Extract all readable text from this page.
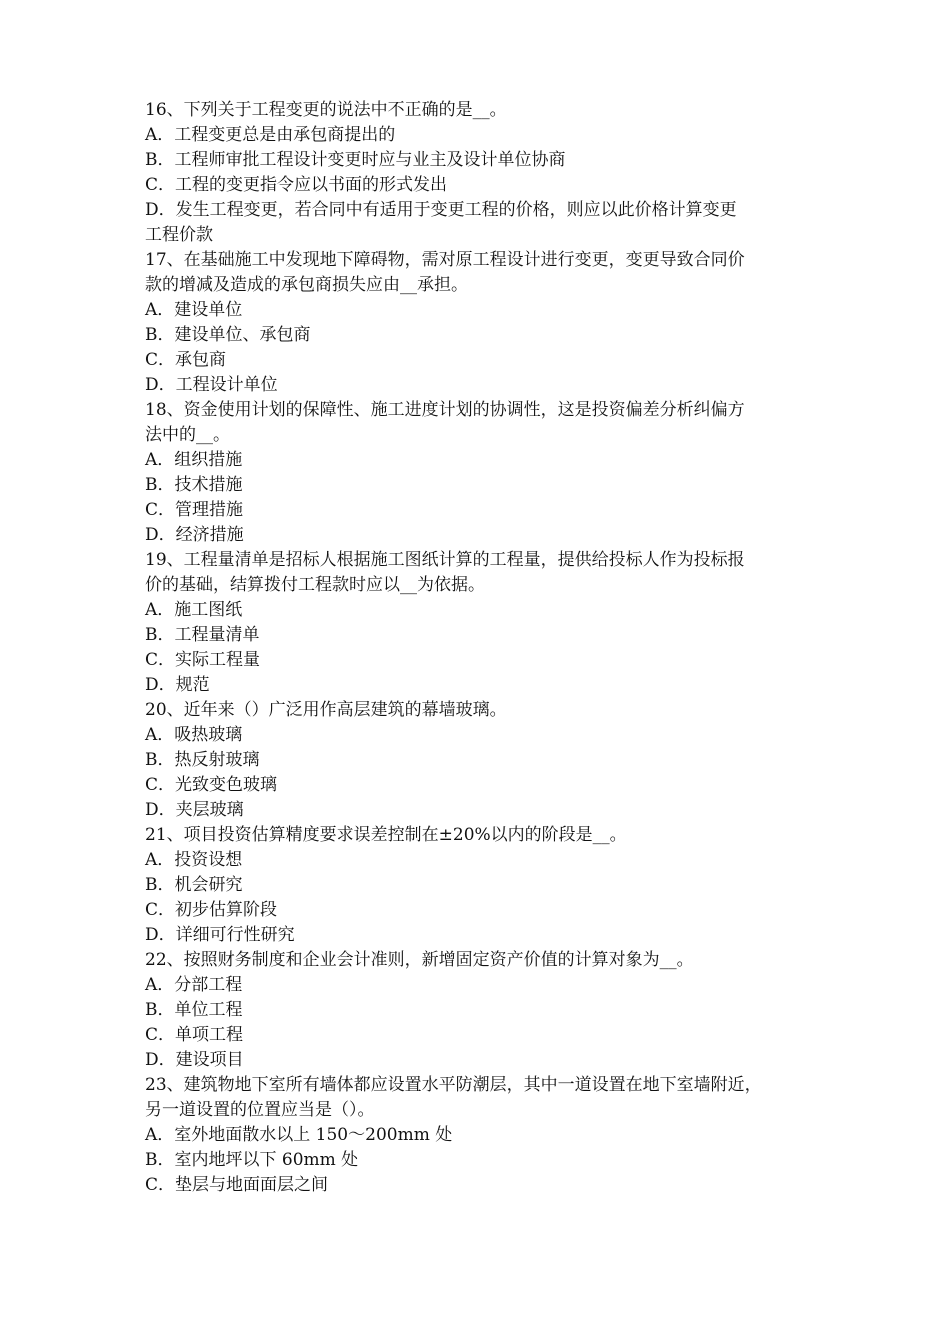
16、下列关于工程变更的说法中不正确的是__。
A．工程变更总是由承包商提出的
B．工程师审批工程设计变更时应与业主及设计单位协商
C．工程的变更指令应以书面的形式发出
D．发生工程变更，若合同中有适用于变更工程的价格，则应以此价格计算变更
工程价款
17、在基础施工中发现地下障碍物，需对原工程设计进行变更，变更导致合同价
款的增减及造成的承包商损失应由__承担。
A．建设单位
B．建设单位、承包商
C．承包商
D．工程设计单位
18、资金使用计划的保障性、施工进度计划的协调性，这是投资偏差分析纠偏方
法中的__。
A．组织措施
B．技术措施
C．管理措施
D．经济措施
19、工程量清单是招标人根据施工图纸计算的工程量，提供给投标人作为投标报
价的基础，结算拨付工程款时应以__为依据。
A．施工图纸
B．工程量清单
C．实际工程量
D．规范
20、近年来（）广泛用作高层建筑的幕墙玻璃。
A．吸热玻璃
B．热反射玻璃
C．光致变色玻璃
D．夹层玻璃
21、项目投资估算精度要求误差控制在±20%以内的阶段是__。
A．投资设想
B．机会研究
C．初步估算阶段
D．详细可行性研究
22、按照财务制度和企业会计准则，新增固定资产价值的计算对象为__。
A．分部工程
B．单位工程
C．单项工程
D．建设项目
23、建筑物地下室所有墙体都应设置水平防潮层，其中一道设置在地下室墙附近，
另一道设置的位置应当是（）。
A．室外地面散水以上 150～200mm 处
B．室内地坪以下 60mm 处
C．垫层与地面面层之间
